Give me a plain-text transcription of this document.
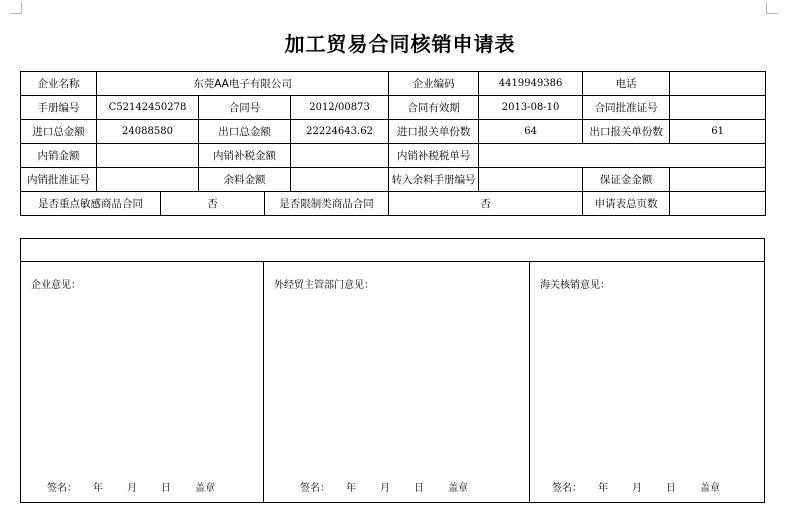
加工贸易合同核销申请表
企业名称	东莞AA电子有限公司					企业编码	4419949386	电话	
手册编号	C52142450278		合同号		2012/00873	合同有效期	2013-08-10	合同批准证号	
进口总金额	24088580		出口总金额		22224643.62	进口报关单份数	64	出口报关单份数	61
内销金额			内销补税金额			内销补税税单号			
内销批准证号			余料金额			转入余料手册编号		保证金金额	
是否重点敏感商品合同		否		是否限制类商品合同		否		申请表总页数	
企业意见：
签名： 年 月 日 盖章
外经贸主管部门意见：
签名： 年 月 日 盖章
海关核销意见：
签名： 年 月 日 盖章
